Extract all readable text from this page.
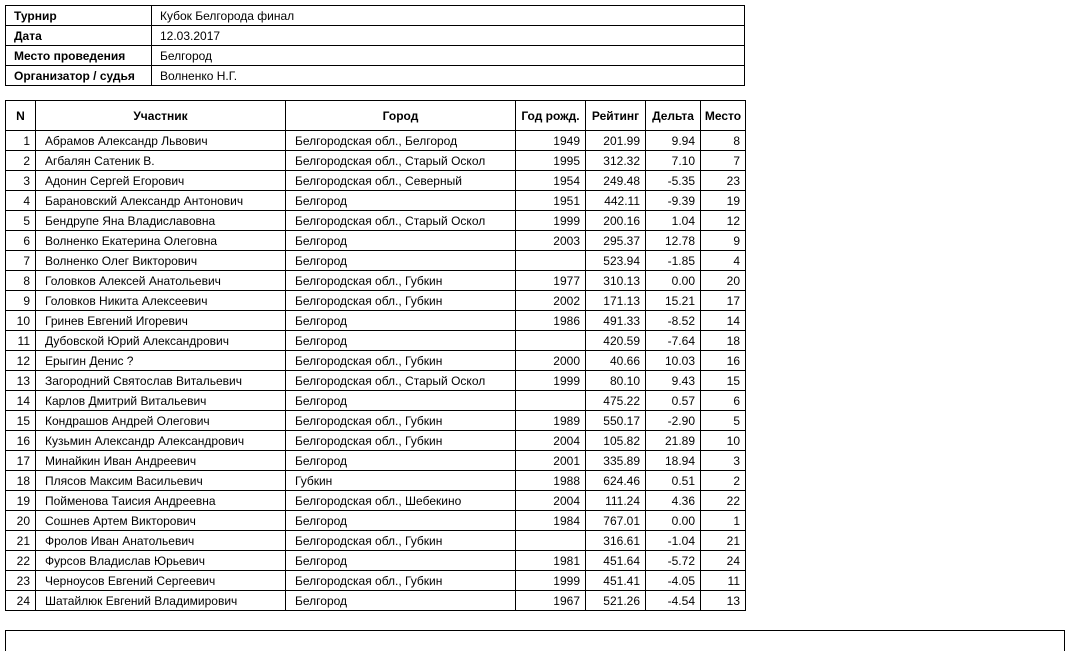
Турнир	Кубок Белгорода финал
Дата	12.03.2017
Место проведения	Белгород
Организатор / судья	Волненко Н.Г.
N	Участник	Город	Год рожд.	Рейтинг	Дельта	Место
1	Абрамов Александр Львович	Белгородская обл., Белгород	1949	201.99	9.94	8
2	Агбалян Сатеник В.	Белгородская обл., Старый Оскол	1995	312.32	7.10	7
3	Адонин Сергей Егорович	Белгородская обл., Северный	1954	249.48	-5.35	23
4	Барановский Александр Антонович	Белгород	1951	442.11	-9.39	19
5	Бендрупе Яна Владиславовна	Белгородская обл., Старый Оскол	1999	200.16	1.04	12
6	Волненко Екатерина Олеговна	Белгород	2003	295.37	12.78	9
7	Волненко Олег Викторович	Белгород		523.94	-1.85	4
8	Головков Алексей Анатольевич	Белгородская обл., Губкин	1977	310.13	0.00	20
9	Головков Никита Алексеевич	Белгородская обл., Губкин	2002	171.13	15.21	17
10	Гринев Евгений Игоревич	Белгород	1986	491.33	-8.52	14
11	Дубовской Юрий Александрович	Белгород		420.59	-7.64	18
12	Ерыгин Денис ?	Белгородская обл., Губкин	2000	40.66	10.03	16
13	Загородний Святослав Витальевич	Белгородская обл., Старый Оскол	1999	80.10	9.43	15
14	Карлов Дмитрий Витальевич	Белгород		475.22	0.57	6
15	Кондрашов Андрей Олегович	Белгородская обл., Губкин	1989	550.17	-2.90	5
16	Кузьмин Александр Александрович	Белгородская обл., Губкин	2004	105.82	21.89	10
17	Минайкин Иван Андреевич	Белгород	2001	335.89	18.94	3
18	Плясов Максим Васильевич	Губкин	1988	624.46	0.51	2
19	Пойменова Таисия Андреевна	Белгородская обл., Шебекино	2004	111.24	4.36	22
20	Сошнев Артем Викторович	Белгород	1984	767.01	0.00	1
21	Фролов Иван Анатольевич	Белгородская обл., Губкин		316.61	-1.04	21
22	Фурсов Владислав Юрьевич	Белгород	1981	451.64	-5.72	24
23	Черноусов Евгений Сергеевич	Белгородская обл., Губкин	1999	451.41	-4.05	11
24	Шатайлюк Евгений Владимирович	Белгород	1967	521.26	-4.54	13
